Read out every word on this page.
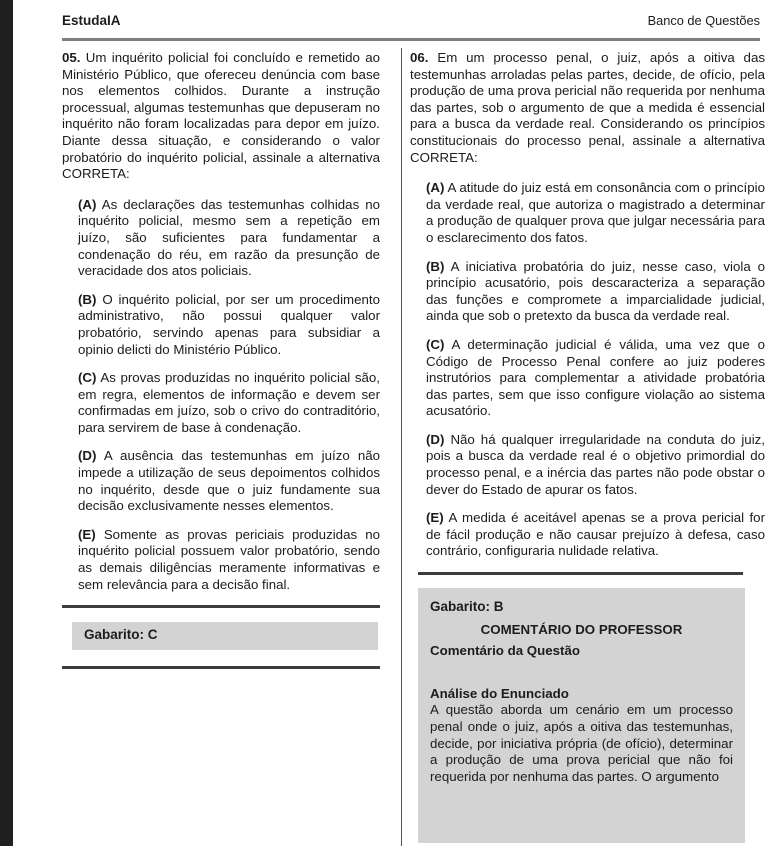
EstudaIA	Banco de Questões

05. Um inquérito policial foi concluído e remetido ao Ministério Público, que ofereceu denúncia com base nos elementos colhidos. Durante a instrução processual, algumas testemunhas que depuseram no inquérito não foram localizadas para depor em juízo. Diante dessa situação, e considerando o valor probatório do inquérito policial, assinale a alternativa CORRETA:

(A) As declarações das testemunhas colhidas no inquérito policial, mesmo sem a repetição em juízo, são suficientes para fundamentar a condenação do réu, em razão da presunção de veracidade dos atos policiais.

(B) O inquérito policial, por ser um procedimento administrativo, não possui qualquer valor probatório, servindo apenas para subsidiar a opinio delicti do Ministério Público.

(C) As provas produzidas no inquérito policial são, em regra, elementos de informação e devem ser confirmadas em juízo, sob o crivo do contraditório, para servirem de base à condenação.

(D) A ausência das testemunhas em juízo não impede a utilização de seus depoimentos colhidos no inquérito, desde que o juiz fundamente sua decisão exclusivamente nesses elementos.

(E) Somente as provas periciais produzidas no inquérito policial possuem valor probatório, sendo as demais diligências meramente informativas e sem relevância para a decisão final.

Gabarito: C

06. Em um processo penal, o juiz, após a oitiva das testemunhas arroladas pelas partes, decide, de ofício, pela produção de uma prova pericial não requerida por nenhuma das partes, sob o argumento de que a medida é essencial para a busca da verdade real. Considerando os princípios constitucionais do processo penal, assinale a alternativa CORRETA:

(A) A atitude do juiz está em consonância com o princípio da verdade real, que autoriza o magistrado a determinar a produção de qualquer prova que julgar necessária para o esclarecimento dos fatos.

(B) A iniciativa probatória do juiz, nesse caso, viola o princípio acusatório, pois descaracteriza a separação das funções e compromete a imparcialidade judicial, ainda que sob o pretexto da busca da verdade real.

(C) A determinação judicial é válida, uma vez que o Código de Processo Penal confere ao juiz poderes instrutórios para complementar a atividade probatória das partes, sem que isso configure violação ao sistema acusatório.

(D) Não há qualquer irregularidade na conduta do juiz, pois a busca da verdade real é o objetivo primordial do processo penal, e a inércia das partes não pode obstar o dever do Estado de apurar os fatos.

(E) A medida é aceitável apenas se a prova pericial for de fácil produção e não causar prejuízo à defesa, caso contrário, configuraria nulidade relativa.

Gabarito: B

COMENTÁRIO DO PROFESSOR

Comentário da Questão

Análise do Enunciado

A questão aborda um cenário em um processo penal onde o juiz, após a oitiva das testemunhas, decide, por iniciativa própria (de ofício), determinar a produção de uma prova pericial que não foi requerida por nenhuma das partes. O argumento
